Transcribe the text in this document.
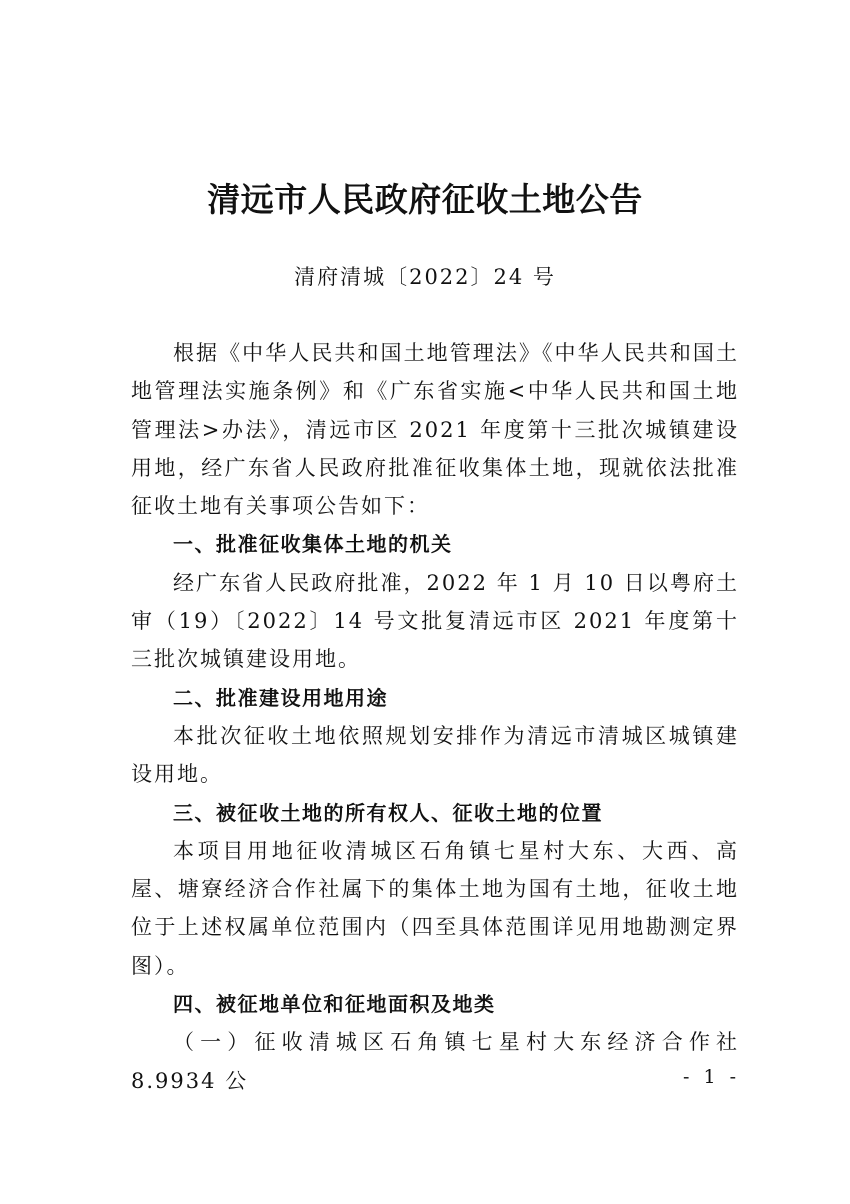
清远市人民政府征收土地公告
清府清城〔2022〕24 号

根据《中华人民共和国土地管理法》《中华人民共和国土地管理法实施条例》和《广东省实施<中华人民共和国土地管理法>办法》，清远市区 2021 年度第十三批次城镇建设用地，经广东省人民政府批准征收集体土地，现就依法批准征收土地有关事项公告如下：

一、批准征收集体土地的机关

经广东省人民政府批准，2022 年 1 月 10 日以粤府土审（19）〔2022〕14 号文批复清远市区 2021 年度第十三批次城镇建设用地。

二、批准建设用地用途

本批次征收土地依照规划安排作为清远市清城区城镇建设用地。

三、被征收土地的所有权人、征收土地的位置

本项目用地征收清城区石角镇七星村大东、大西、高屋、塘寮经济合作社属下的集体土地为国有土地，征收土地位于上述权属单位范围内（四至具体范围详见用地勘测定界图）。

四、被征地单位和征地面积及地类

（一）征收清城区石角镇七星村大东经济合作社 8.9934 公	- 1 -
